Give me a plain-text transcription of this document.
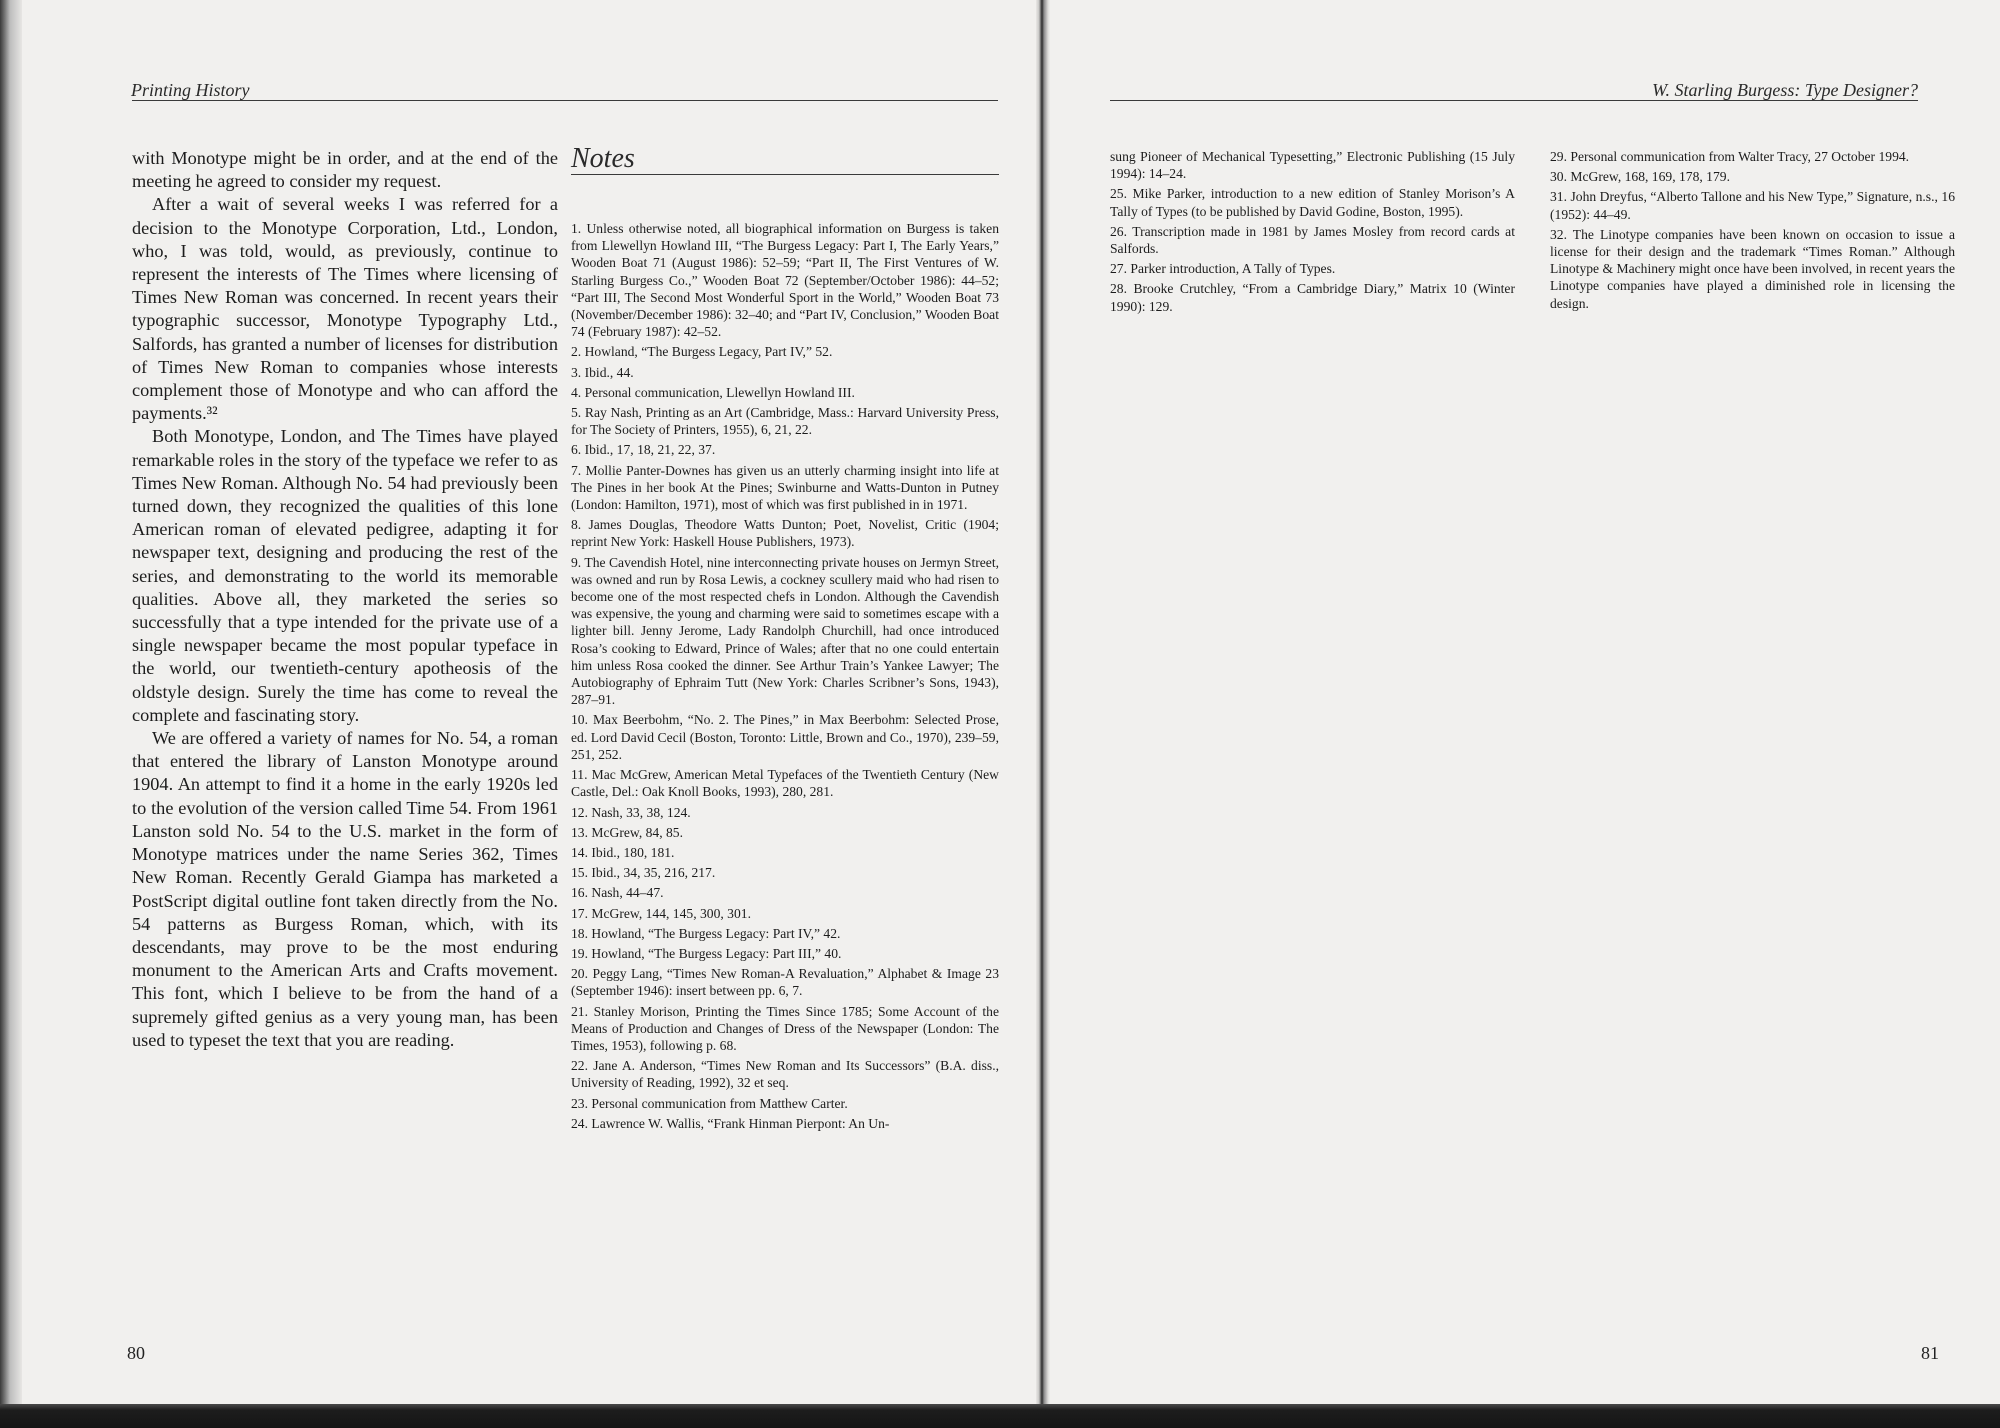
Printing History

with Monotype might be in order, and at the end of the meeting he agreed to consider my request.

After a wait of several weeks I was referred for a decision to the Monotype Corporation, Ltd., London, who, I was told, would, as previously, continue to represent the interests of The Times where licensing of Times New Roman was concerned. In recent years their typographic successor, Monotype Typography Ltd., Salfords, has granted a number of licenses for distribution of Times New Roman to companies whose interests complement those of Monotype and who can afford the payments.³²

Both Monotype, London, and The Times have played remarkable roles in the story of the typeface we refer to as Times New Roman. Although No. 54 had previously been turned down, they recognized the qualities of this lone American roman of elevated pedigree, adapting it for newspaper text, designing and producing the rest of the series, and demonstrating to the world its memorable qualities. Above all, they marketed the series so successfully that a type intended for the private use of a single newspaper became the most popular typeface in the world, our twentieth-century apotheosis of the oldstyle design. Surely the time has come to reveal the complete and fascinating story.

We are offered a variety of names for No. 54, a roman that entered the library of Lanston Monotype around 1904. An attempt to find it a home in the early 1920s led to the evolution of the version called Time 54. From 1961 Lanston sold No. 54 to the U.S. market in the form of Monotype matrices under the name Series 362, Times New Roman. Recently Gerald Giampa has marketed a PostScript digital outline font taken directly from the No. 54 patterns as Burgess Roman, which, with its descendants, may prove to be the most enduring monument to the American Arts and Crafts movement. This font, which I believe to be from the hand of a supremely gifted genius as a very young man, has been used to typeset the text that you are reading.

Notes

1. Unless otherwise noted, all biographical information on Burgess is taken from Llewellyn Howland III, “The Burgess Legacy: Part I, The Early Years,” Wooden Boat 71 (August 1986): 52–59; “Part II, The First Ventures of W. Starling Burgess Co.,” Wooden Boat 72 (September/October 1986): 44–52; “Part III, The Second Most Wonderful Sport in the World,” Wooden Boat 73 (November/December 1986): 32–40; and “Part IV, Conclusion,” Wooden Boat 74 (February 1987): 42–52.

2. Howland, “The Burgess Legacy, Part IV,” 52.

3. Ibid., 44.

4. Personal communication, Llewellyn Howland III.

5. Ray Nash, Printing as an Art (Cambridge, Mass.: Harvard University Press, for The Society of Printers, 1955), 6, 21, 22.

6. Ibid., 17, 18, 21, 22, 37.

7. Mollie Panter-Downes has given us an utterly charming insight into life at The Pines in her book At the Pines; Swinburne and Watts-Dunton in Putney (London: Hamilton, 1971), most of which was first published in in 1971.

8. James Douglas, Theodore Watts Dunton; Poet, Novelist, Critic (1904; reprint New York: Haskell House Publishers, 1973).

9. The Cavendish Hotel, nine interconnecting private houses on Jermyn Street, was owned and run by Rosa Lewis, a cockney scullery maid who had risen to become one of the most respected chefs in London. Although the Cavendish was expensive, the young and charming were said to sometimes escape with a lighter bill. Jenny Jerome, Lady Randolph Churchill, had once introduced Rosa’s cooking to Edward, Prince of Wales; after that no one could entertain him unless Rosa cooked the dinner. See Arthur Train’s Yankee Lawyer; The Autobiography of Ephraim Tutt (New York: Charles Scribner’s Sons, 1943), 287–91.

10. Max Beerbohm, “No. 2. The Pines,” in Max Beerbohm: Selected Prose, ed. Lord David Cecil (Boston, Toronto: Little, Brown and Co., 1970), 239–59, 251, 252.

11. Mac McGrew, American Metal Typefaces of the Twentieth Century (New Castle, Del.: Oak Knoll Books, 1993), 280, 281.

12. Nash, 33, 38, 124.

13. McGrew, 84, 85.

14. Ibid., 180, 181.

15. Ibid., 34, 35, 216, 217.

16. Nash, 44–47.

17. McGrew, 144, 145, 300, 301.

18. Howland, “The Burgess Legacy: Part IV,” 42.

19. Howland, “The Burgess Legacy: Part III,” 40.

20. Peggy Lang, “Times New Roman-A Revaluation,” Alphabet & Image 23 (September 1946): insert between pp. 6, 7.

21. Stanley Morison, Printing the Times Since 1785; Some Account of the Means of Production and Changes of Dress of the Newspaper (London: The Times, 1953), following p. 68.

22. Jane A. Anderson, “Times New Roman and Its Successors” (B.A. diss., University of Reading, 1992), 32 et seq.

23. Personal communication from Matthew Carter.

24. Lawrence W. Wallis, “Frank Hinman Pierpont: An Un-

80
W. Starling Burgess: Type Designer?

sung Pioneer of Mechanical Typesetting,” Electronic Publishing (15 July 1994): 14–24.

25. Mike Parker, introduction to a new edition of Stanley Morison’s A Tally of Types (to be published by David Godine, Boston, 1995).

26. Transcription made in 1981 by James Mosley from record cards at Salfords.

27. Parker introduction, A Tally of Types.

28. Brooke Crutchley, “From a Cambridge Diary,” Matrix 10 (Winter 1990): 129.

29. Personal communication from Walter Tracy, 27 October 1994.

30. McGrew, 168, 169, 178, 179.

31. John Dreyfus, “Alberto Tallone and his New Type,” Signature, n.s., 16 (1952): 44–49.

32. The Linotype companies have been known on occasion to issue a license for their design and the trademark “Times Roman.” Although Linotype & Machinery might once have been involved, in recent years the Linotype companies have played a diminished role in licensing the design.

81
